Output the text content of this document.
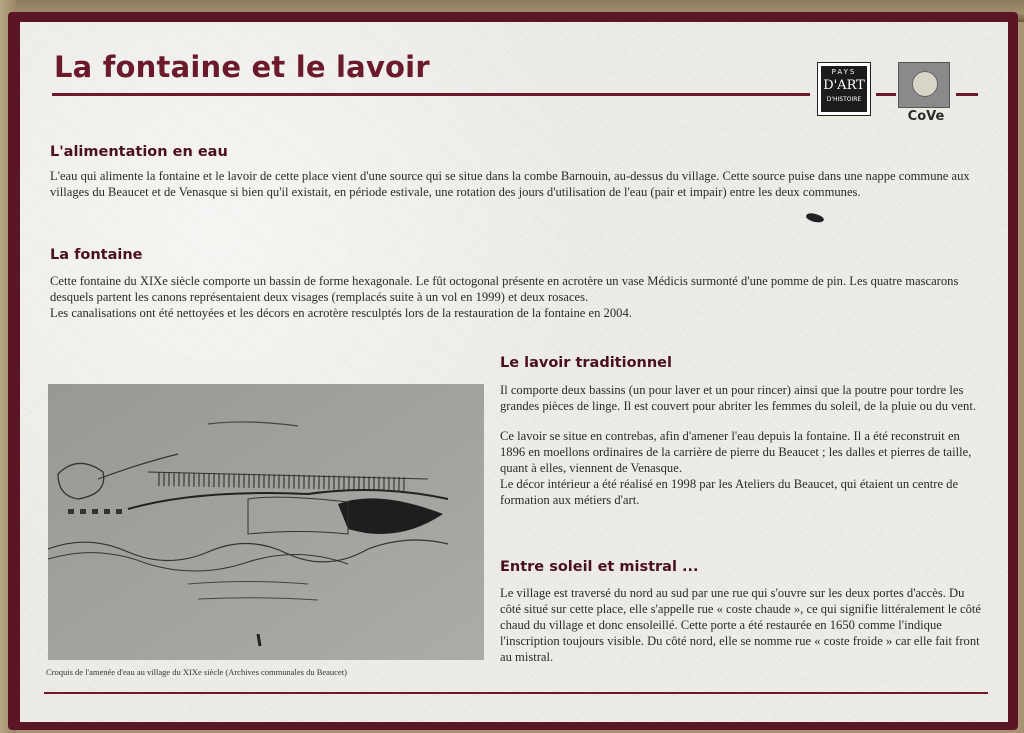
La fontaine et le lavoir	PAYS
D'ART
D'HISTOIRE
CoVe
L'alimentation en eau

L'eau qui alimente la fontaine et le lavoir de cette place vient d'une source qui se situe dans la combe Barnouin, au-dessus du village. Cette source puise dans une nappe commune aux villages du Beaucet et de Venasque si bien qu'il existait, en période estivale, une rotation des jours d'utilisation de l'eau (pair et impair) entre les deux communes.

La fontaine

Cette fontaine du XIXe siècle comporte un bassin de forme hexagonale. Le fût octogonal présente en acrotère un vase Médicis surmonté d'une pomme de pin. Les quatre mascarons desquels partent les canons représentaient deux visages (remplacés suite à un vol en 1999) et deux rosaces.

Les canalisations ont été nettoyées et les décors en acrotère resculptés lors de la restauration de la fontaine en 2004.

Croquis de l'amenée d'eau au village du XIXe siècle (Archives communales du Beaucet)
Le lavoir traditionnel

Il comporte deux bassins (un pour laver et un pour rincer) ainsi que la poutre pour tordre les grandes pièces de linge. Il est couvert pour abriter les femmes du soleil, de la pluie ou du vent.

Ce lavoir se situe en contrebas, afin d'amener l'eau depuis la fontaine. Il a été reconstruit en 1896 en moellons ordinaires de la carrière de pierre du Beaucet ; les dalles et pierres de taille, quant à elles, viennent de Venasque.

Le décor intérieur a été réalisé en 1998 par les Ateliers du Beaucet, qui étaient un centre de formation aux métiers d'art.

Entre soleil et mistral ...

Le village est traversé du nord au sud par une rue qui s'ouvre sur les deux portes d'accès. Du côté situé sur cette place, elle s'appelle rue « coste chaude », ce qui signifie littéralement le côté chaud du village et donc ensoleillé. Cette porte a été restaurée en 1650 comme l'indique l'inscription toujours visible. Du côté nord, elle se nomme rue « coste froide » car elle fait front au mistral.
